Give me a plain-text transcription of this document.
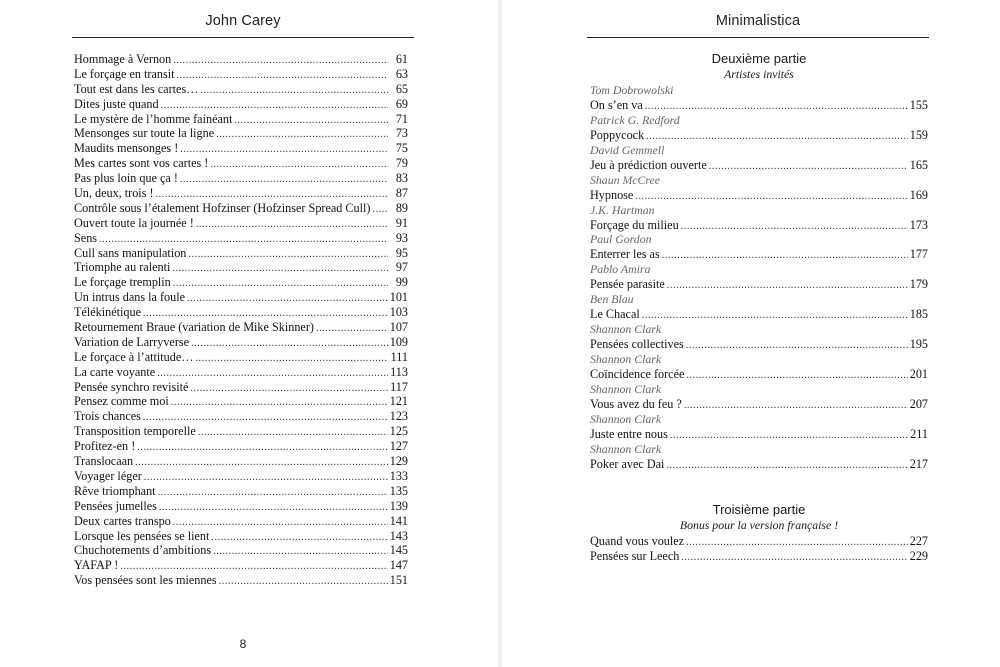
John Carey
Hommage à Vernon .....	61
Le forçage en transit .....	63
Tout est dans les cartes… .....	65
Dites juste quand .....	69
Le mystère de l’homme fainéant .....	71
Mensonges sur toute la ligne .....	73
Maudits mensonges ! .....	75
Mes cartes sont vos cartes ! .....	79
Pas plus loin que ça ! .....	83
Un, deux, trois ! .....	87
Contrôle sous l’étalement Hofzinser (Hofzinser Spread Cull) .....	89
Ouvert toute la journée ! .....	91
Sens .....	93
Cull sans manipulation .....	95
Triomphe au ralenti .....	97
Le forçage tremplin .....	99
Un intrus dans la foule .....	101
Télékinétique .....	103
Retournement Braue (variation de Mike Skinner) .....	107
Variation de Larryverse .....	109
Le forçace à l’attitude… .....	111
La carte voyante .....	113
Pensée synchro revisité .....	117
Pensez comme moi .....	121
Trois chances .....	123
Transposition temporelle .....	125
Profitez-en ! .....	127
Translocaan .....	129
Voyager léger .....	133
Rêve triomphant .....	135
Pensées jumelles .....	139
Deux cartes transpo .....	141
Lorsque les pensées se lient .....	143
Chuchotements d’ambitions .....	145
YAFAP ! .....	147
Vos pensées sont les miennes .....	151
8
Minimalistica
Deuxième partie
Artistes invités
Tom Dobrowolski
On s’en va .....	155
Patrick G. Redford
Poppycock .....	159
David Gemmell
Jeu à prédiction ouverte .....	165
Shaun McCree
Hypnose .....	169
J.K. Hartman
Forçage du milieu .....	173
Paul Gordon
Enterrer les as .....	177
Pablo Amira
Pensée parasite .....	179
Ben Blau
Le Chacal .....	185
Shannon Clark
Pensées collectives .....	195
Shannon Clark
Coïncidence forcée .....	201
Shannon Clark
Vous avez du feu ? .....	207
Shannon Clark
Juste entre nous .....	211
Shannon Clark
Poker avec Dai .....	217
Troisième partie
Bonus pour la version française !
Quand vous voulez .....	227
Pensées sur Leech .....	229
